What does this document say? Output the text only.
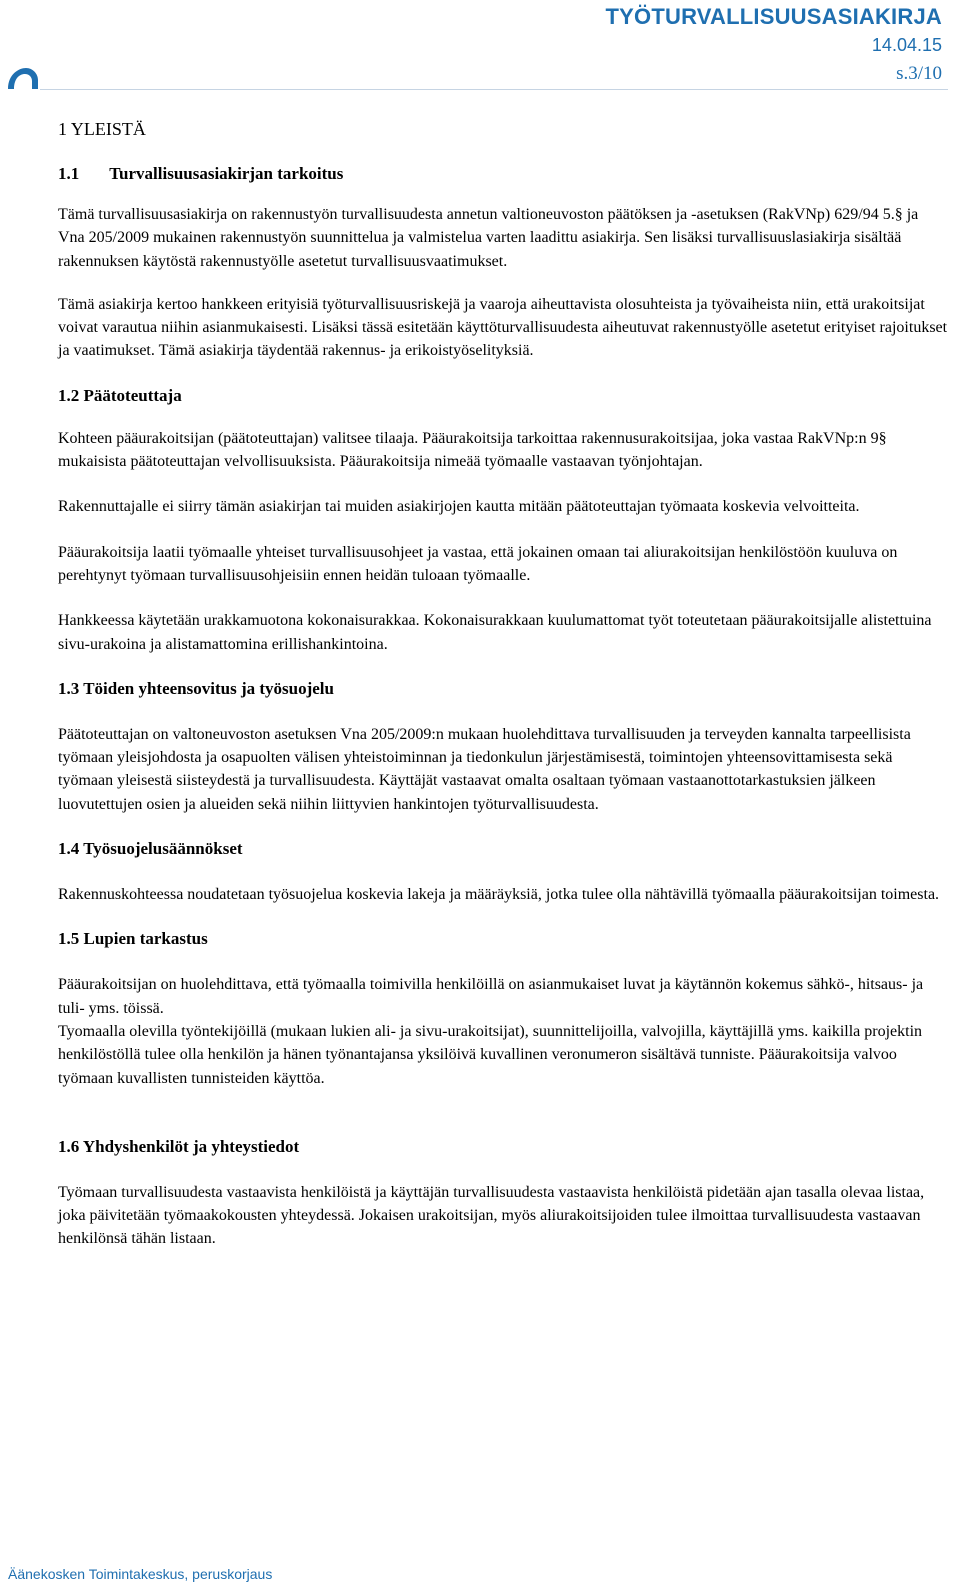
TYÖTURVALLISUUSASIAKIRJA
14.04.15
s.3/10
1 YLEISTÄ
1.1 Turvallisuusasiakirjan tarkoitus

Tämä turvallisuusasiakirja on rakennustyön turvallisuudesta annetun valtioneuvoston päätöksen ja -asetuksen (RakVNp) 629/94 5.§ ja Vna 205/2009 mukainen rakennustyön suunnittelua ja valmistelua varten laadittu asiakirja. Sen lisäksi turvallisuuslasiakirja sisältää rakennuksen käytöstä rakennustyölle asetetut turvallisuusvaatimukset.

Tämä asiakirja kertoo hankkeen erityisiä työturvallisuusriskejä ja vaaroja aiheuttavista olosuhteista ja työvaiheista niin, että urakoitsijat voivat varautua niihin asianmukaisesti. Lisäksi tässä esitetään käyttöturvallisuudesta aiheutuvat rakennustyölle asetetut erityiset rajoitukset ja vaatimukset. Tämä asiakirja täydentää rakennus- ja erikoistyöselityksiä.

1.2 Päätoteuttaja

Kohteen pääurakoitsijan (päätoteuttajan) valitsee tilaaja. Pääurakoitsija tarkoittaa rakennusurakoitsijaa, joka vastaa RakVNp:n 9§ mukaisista päätoteuttajan velvollisuuksista. Pääurakoitsija nimeää työmaalle vastaavan työnjohtajan.

Rakennuttajalle ei siirry tämän asiakirjan tai muiden asiakirjojen kautta mitään päätoteuttajan työmaata koskevia velvoitteita.

Pääurakoitsija laatii työmaalle yhteiset turvallisuusohjeet ja vastaa, että jokainen omaan tai aliurakoitsijan henkilöstöön kuuluva on perehtynyt työmaan turvallisuusohjeisiin ennen heidän tuloaan työmaalle.

Hankkeessa käytetään urakkamuotona kokonaisurakkaa. Kokonaisurakkaan kuulumattomat työt toteutetaan pääurakoitsijalle alistettuina sivu-urakoina ja alistamattomina erillishankintoina.

1.3 Töiden yhteensovitus ja työsuojelu

Päätoteuttajan on valtoneuvoston asetuksen Vna 205/2009:n mukaan huolehdittava turvallisuuden ja terveyden kannalta tarpeellisista työmaan yleisjohdosta ja osapuolten välisen yhteistoiminnan ja tiedonkulun järjestämisestä, toimintojen yhteensovittamisesta sekä työmaan yleisestä siisteydestä ja turvallisuudesta. Käyttäjät vastaavat omalta osaltaan työmaan vastaanottotarkastuksien jälkeen luovutettujen osien ja alueiden sekä niihin liittyvien hankintojen työturvallisuudesta.

1.4 Työsuojelusäännökset

Rakennuskohteessa noudatetaan työsuojelua koskevia lakeja ja määräyksiä, jotka tulee olla nähtävillä työmaalla pääurakoitsijan toimesta.

1.5 Lupien tarkastus

Pääurakoitsijan on huolehdittava, että työmaalla toimivilla henkilöillä on asianmukaiset luvat ja käytännön kokemus sähkö-, hitsaus- ja tuli- yms. töissä.
Tyomaalla olevilla työntekijöillä (mukaan lukien ali- ja sivu-urakoitsijat), suunnittelijoilla, valvojilla, käyttäjillä yms. kaikilla projektin henkilöstöllä tulee olla henkilön ja hänen työnantajansa yksilöivä kuvallinen veronumeron sisältävä tunniste. Pääurakoitsija valvoo työmaan kuvallisten tunnisteiden käyttöa.

1.6 Yhdyshenkilöt ja yhteystiedot

Työmaan turvallisuudesta vastaavista henkilöistä ja käyttäjän turvallisuudesta vastaavista henkilöistä pidetään ajan tasalla olevaa listaa, joka päivitetään työmaakokousten yhteydessä. Jokaisen urakoitsijan, myös aliurakoitsijoiden tulee ilmoittaa turvallisuudesta vastaavan henkilönsä tähän listaan.

Äänekosken Toimintakeskus, peruskorjaus
